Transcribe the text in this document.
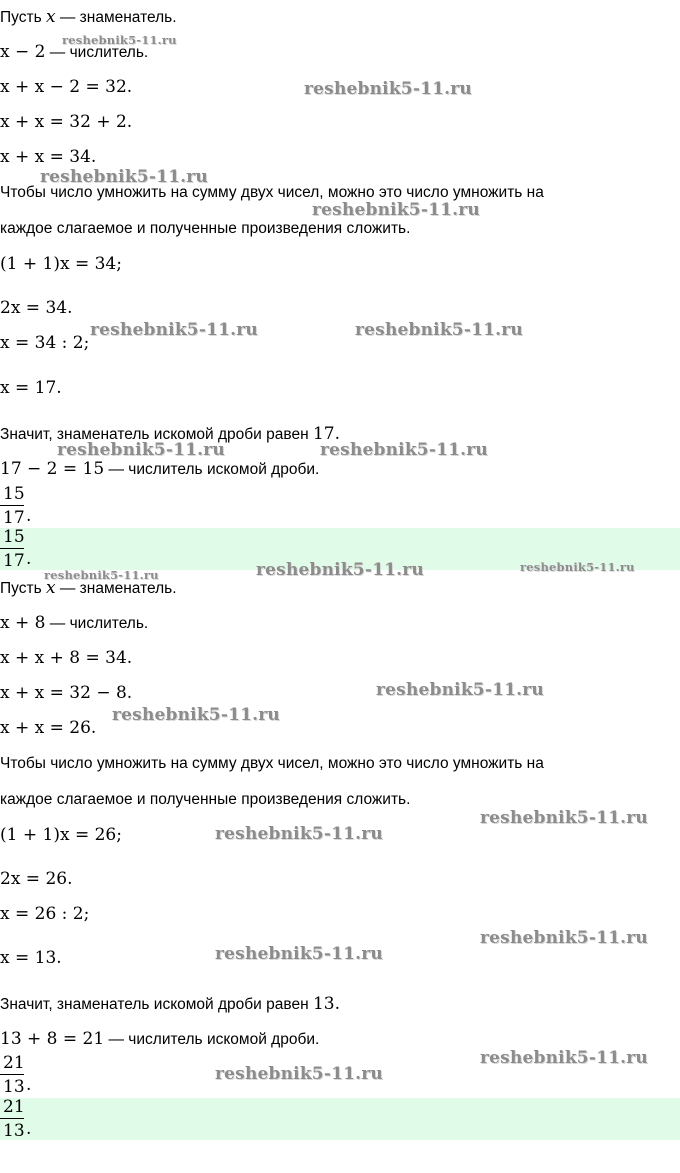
Пусть x — знаменатель.
x − 2 — числитель.
x + x − 2 = 32.
x + x = 32 + 2.
x + x = 34.
Чтобы число умножить на сумму двух чисел, можно это число умножить на
каждое слагаемое и полученные произведения сложить.
(1 + 1)x = 34;
2x = 34.
x = 34 : 2;
x = 17.
Значит, знаменатель искомой дроби равен 17.
17 − 2 = 15 — числитель искомой дроби.
15
17 .
15
17 .
Пусть x — знаменатель.
x + 8 — числитель.
x + x + 8 = 34.
x + x = 32 − 8.
x + x = 26.
Чтобы число умножить на сумму двух чисел, можно это число умножить на
каждое слагаемое и полученные произведения сложить.
(1 + 1)x = 26;
2x = 26.
x = 26 : 2;
x = 13.
Значит, знаменатель искомой дроби равен 13.
13 + 8 = 21 — числитель искомой дроби.
21
13 .
21
13 .
reshebnik5-11.ru
reshebnik5-11.ru
reshebnik5-11.ru
reshebnik5-11.ru
reshebnik5-11.ru	reshebnik5-11.ru
reshebnik5-11.ru	reshebnik5-11.ru
reshebnik5-11.ru	reshebnik5-11.ru	reshebnik5-11.ru
reshebnik5-11.ru
reshebnik5-11.ru
reshebnik5-11.ru
reshebnik5-11.ru
reshebnik5-11.ru
reshebnik5-11.ru
reshebnik5-11.ru
reshebnik5-11.ru
